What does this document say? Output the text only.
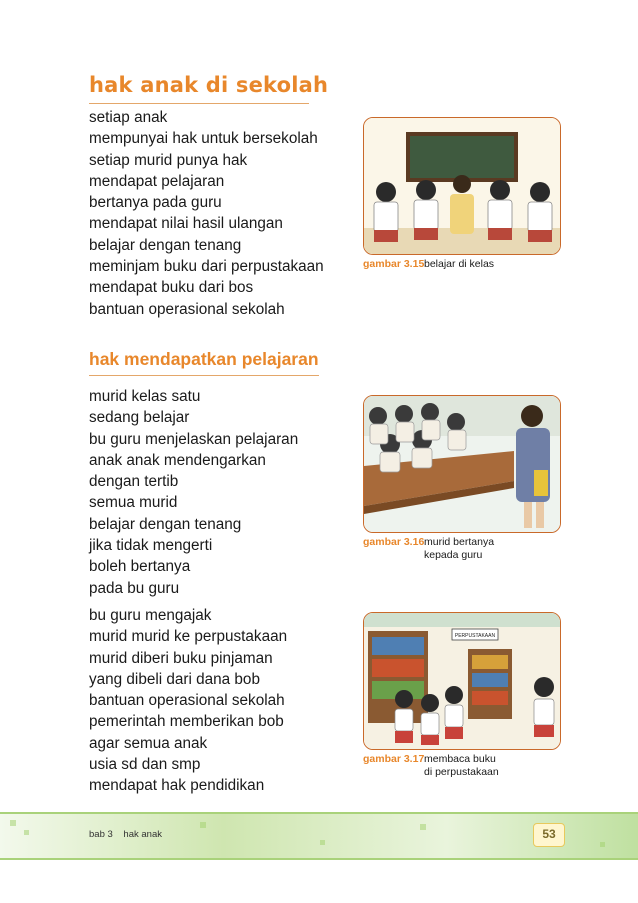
hak anak di sekolah
setiap anak
mempunyai hak untuk bersekolah
setiap murid punya hak
mendapat pelajaran
bertanya pada guru
mendapat nilai hasil ulangan
belajar dengan tenang
meminjam buku dari perpustakaan
mendapat buku dari bos
bantuan operasional sekolah
hak mendapatkan pelajaran
murid kelas satu
sedang belajar
bu guru menjelaskan pelajaran
anak anak mendengarkan
dengan tertib
semua murid
belajar dengan tenang
jika tidak mengerti
boleh bertanya
pada bu guru
bu guru mengajak
murid murid ke perpustakaan
murid diberi buku pinjaman
yang dibeli dari dana bob
bantuan operasional sekolah
pemerintah memberikan bob
agar semua anak
usia sd dan smp
mendapat hak pendidikan
gambar 3.15 belajar di kelas
gambar 3.16 murid bertanya
kepada guru
PERPUSTAKAAN
gambar 3.17 membaca buku
di perpustakaan
bab 3 hak anak	53
